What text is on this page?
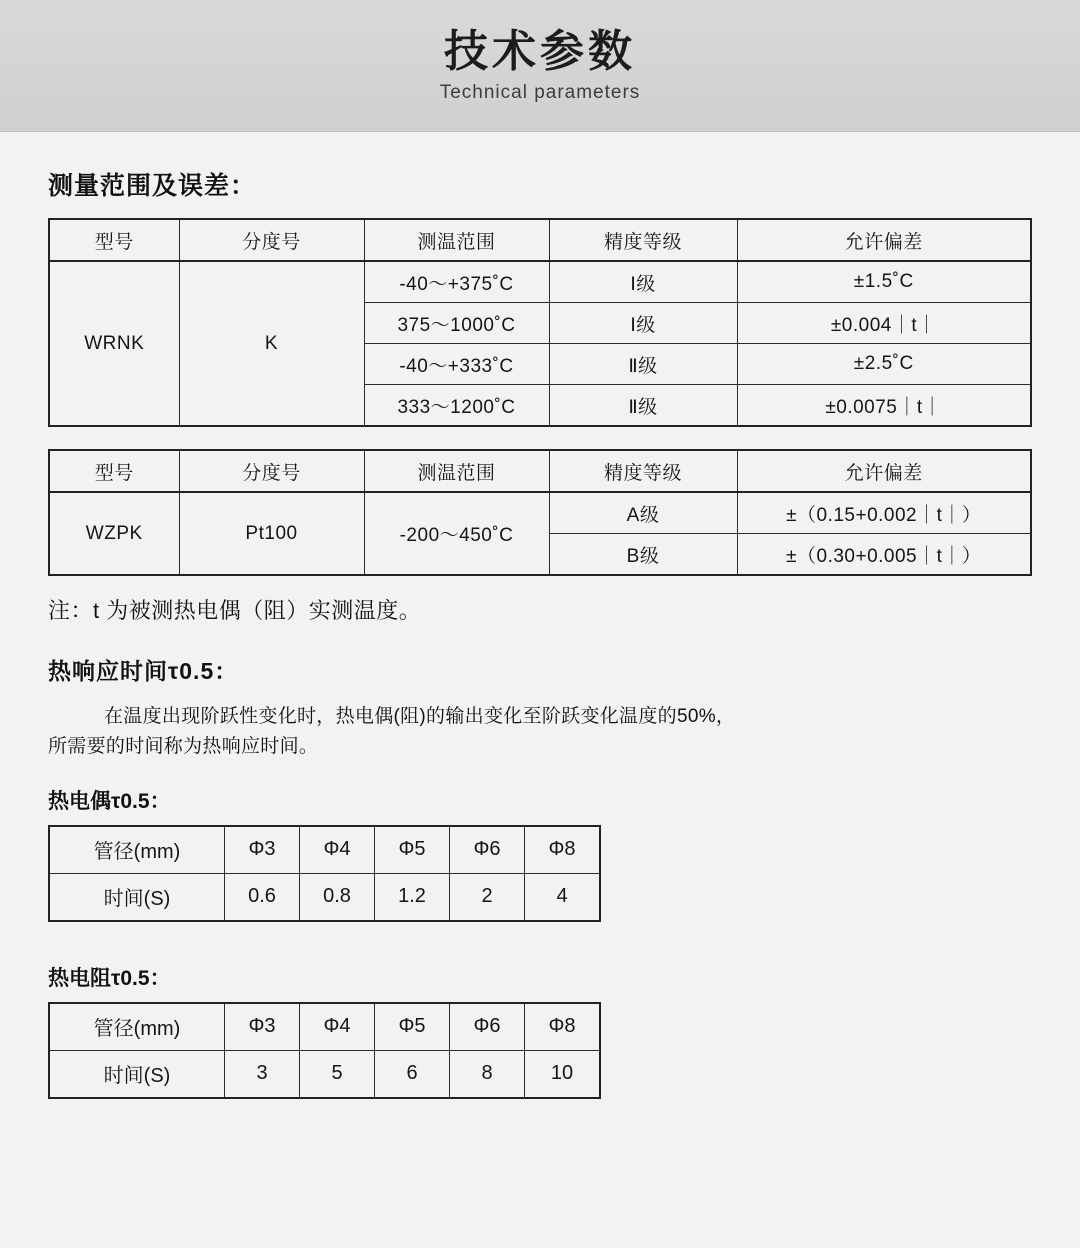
技术参数
Technical parameters
测量范围及误差：
型号	分度号	测温范围	精度等级	允许偏差
WRNK	K	-40～+375˚C	Ⅰ级	±1.5˚C
		375～1000˚C	Ⅰ级	±0.004｜t｜
		-40～+333˚C	Ⅱ级	±2.5˚C
		333～1200˚C	Ⅱ级	±0.0075｜t｜
型号	分度号	测温范围	精度等级	允许偏差
WZPK	Pt100	-200～450˚C	A级	±（0.15+0.002｜t｜）
			B级	±（0.30+0.005｜t｜）

注：t 为被测热电偶（阻）实测温度。

热响应时间τ0.5：

在温度出现阶跃性变化时，热电偶(阻)的输出变化至阶跃变化温度的50%，
所需要的时间称为热响应时间。

热电偶τ0.5：
管径(mm)	Φ3	Φ4	Φ5	Φ6	Φ8
时间(S)	0.6	0.8	1.2	2	4
热电阻τ0.5：
管径(mm)	Φ3	Φ4	Φ5	Φ6	Φ8
时间(S)	3	5	6	8	10
